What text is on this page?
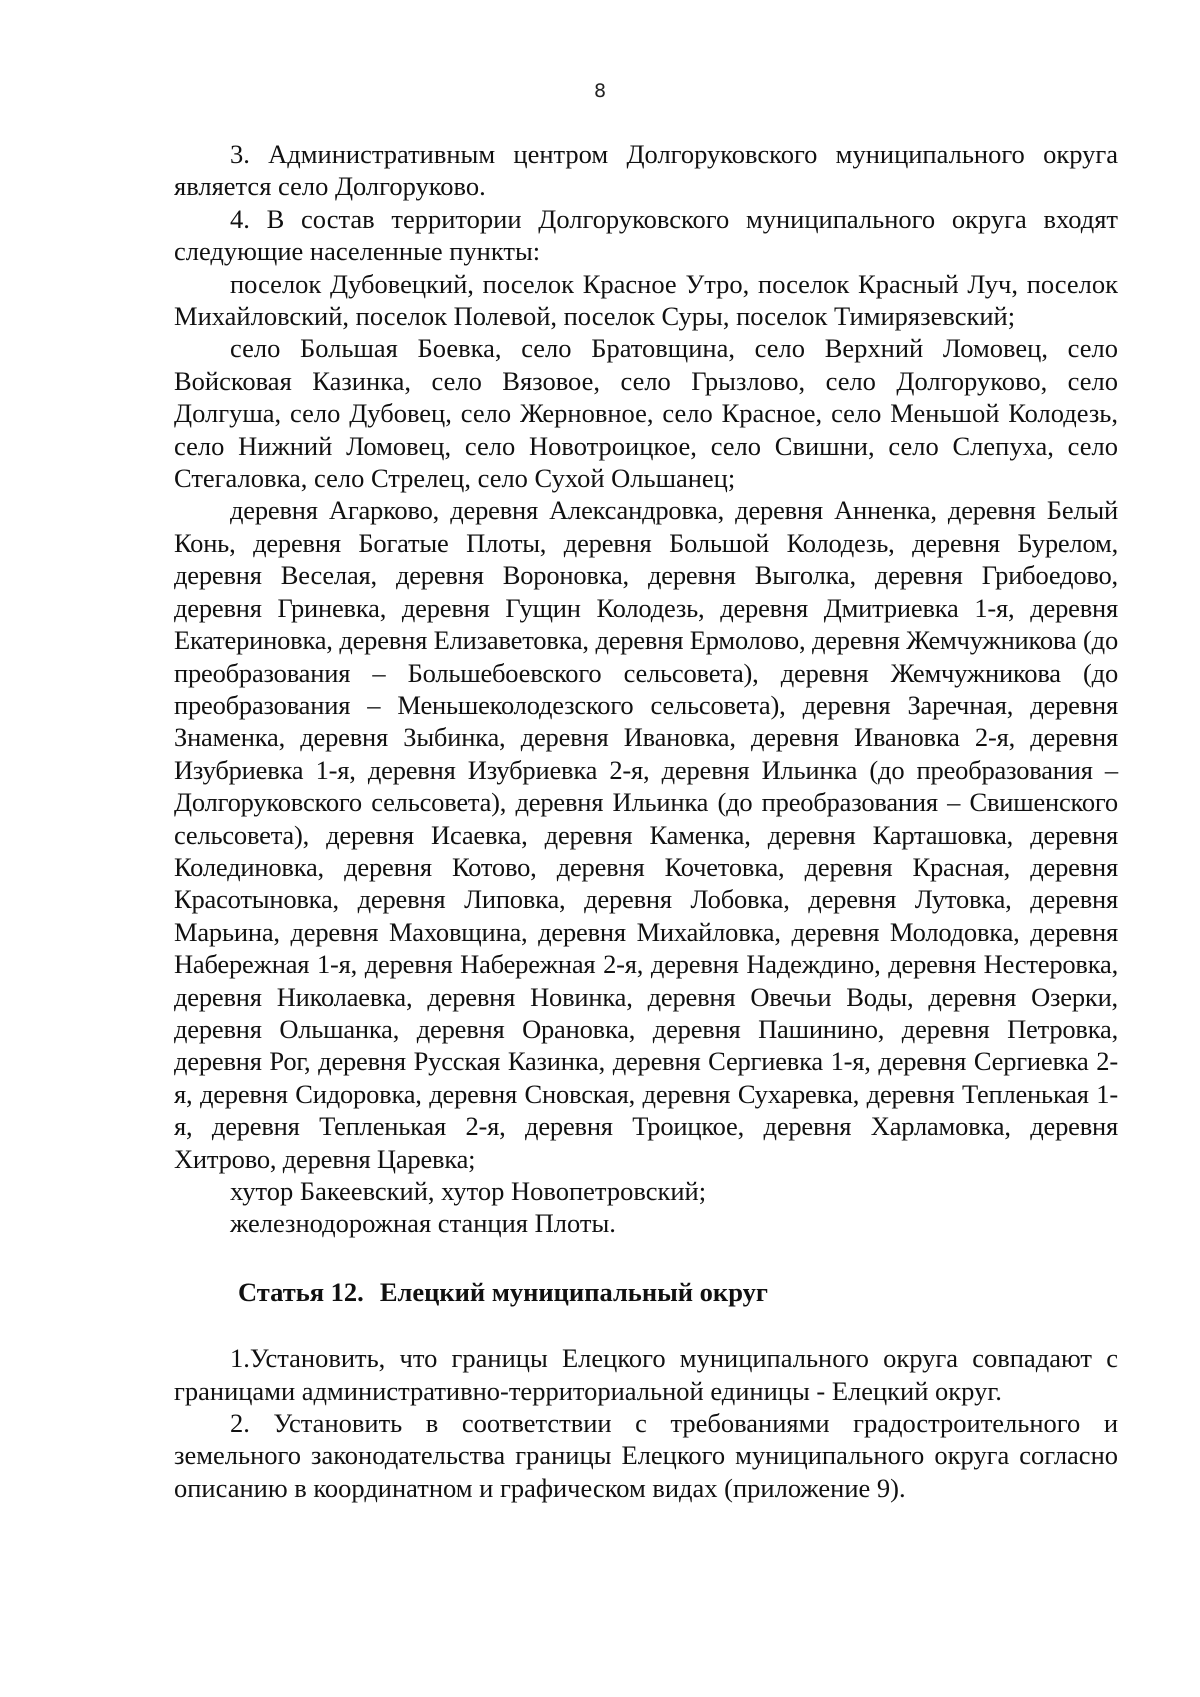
8

3. Административным центром Долгоруковского муниципального округа является село Долгоруково.

4. В состав территории Долгоруковского муниципального округа входят следующие населенные пункты:

поселок Дубовецкий, поселок Красное Утро, поселок Красный Луч, поселок Михайловский, поселок Полевой, поселок Суры, поселок Тимирязевский;

село Большая Боевка, село Братовщина, село Верхний Ломовец, село Войсковая Казинка, село Вязовое, село Грызлово, село Долгоруково, село Долгуша, село Дубовец, село Жерновное, село Красное, село Меньшой Колодезь, село Нижний Ломовец, село Новотроицкое, село Свишни, село Слепуха, село Стегаловка, село Стрелец, село Сухой Ольшанец;

деревня Агарково, деревня Александровка, деревня Анненка, деревня Белый Конь, деревня Богатые Плоты, деревня Большой Колодезь, деревня Бурелом, деревня Веселая, деревня Вороновка, деревня Выголка, деревня Грибоедово, деревня Гриневка, деревня Гущин Колодезь, деревня Дмитриевка 1-я, деревня Екатериновка, деревня Елизаветовка, деревня Ермолово, деревня Жемчужникова (до преобразования – Большебоевского сельсовета), деревня Жемчужникова (до преобразования – Меньшеколодезского сельсовета), деревня Заречная, деревня Знаменка, деревня Зыбинка, деревня Ивановка, деревня Ивановка 2-я, деревня Изубриевка 1-я, деревня Изубриевка 2-я, деревня Ильинка (до преобразования – Долгоруковского сельсовета), деревня Ильинка (до преобразования – Свишенского сельсовета), деревня Исаевка, деревня Каменка, деревня Карташовка, деревня Колединовка, деревня Котово, деревня Кочетовка, деревня Красная, деревня Красотыновка, деревня Липовка, деревня Лобовка, деревня Лутовка, деревня Марьина, деревня Маховщина, деревня Михайловка, деревня Молодовка, деревня Набережная 1-я, деревня Набережная 2-я, деревня Надеждино, деревня Нестеровка, деревня Николаевка, деревня Новинка, деревня Овечьи Воды, деревня Озерки, деревня Ольшанка, деревня Орановка, деревня Пашинино, деревня Петровка, деревня Рог, деревня Русская Казинка, деревня Сергиевка 1-я, деревня Сергиевка 2-я, деревня Сидоровка, деревня Сновская, деревня Сухаревка, деревня Тепленькая 1-я, деревня Тепленькая 2-я, деревня Троицкое, деревня Харламовка, деревня Хитрово, деревня Царевка;

хутор Бакеевский, хутор Новопетровский;

железнодорожная станция Плоты.

Статья 12. Елецкий муниципальный округ

1.Установить, что границы Елецкого муниципального округа совпадают с границами административно-территориальной единицы - Елецкий округ.

2. Установить в соответствии с требованиями градостроительного и земельного законодательства границы Елецкого муниципального округа согласно описанию в координатном и графическом видах (приложение 9).
